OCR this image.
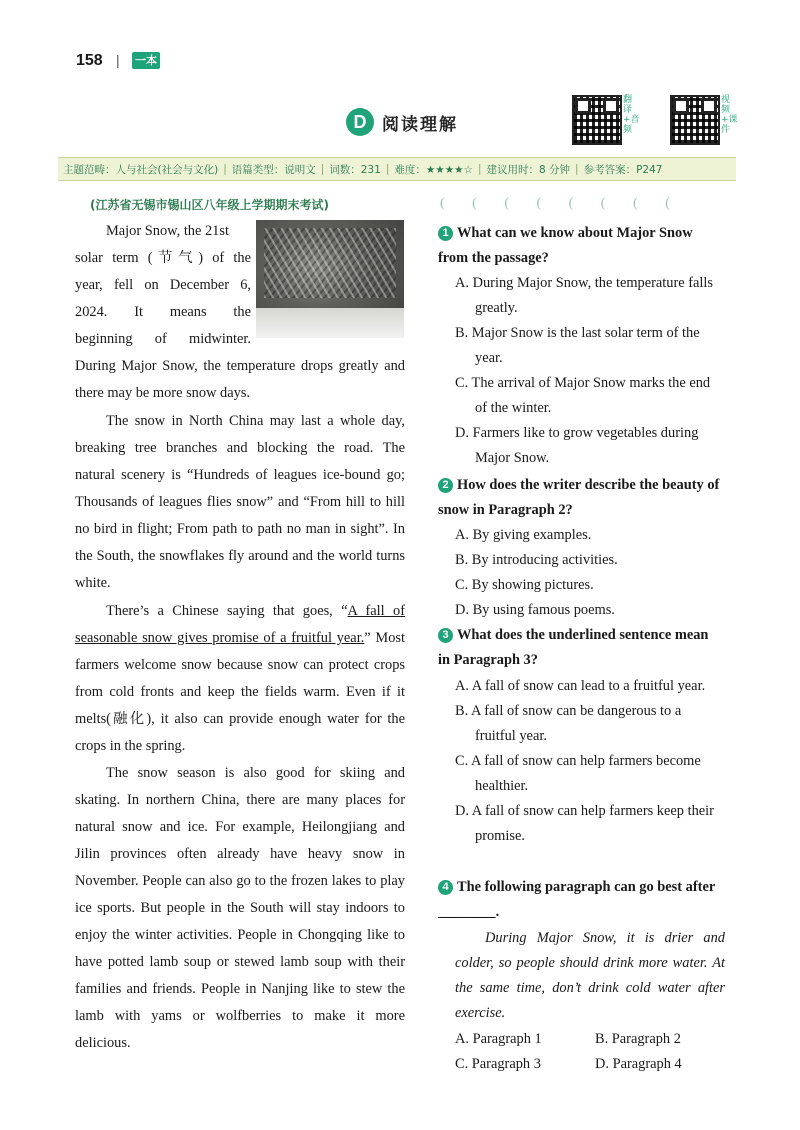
158 | 一本
D 阅读理解
翻译+音频
视频+课件
主题范畴：人与社会(社会与文化) | 语篇类型：说明文 | 词数：231 | 难度：★★★★☆ | 建议用时：8 分钟 | 参考答案：P247
(江苏省无锡市锡山区八年级上学期期末考试)
Major Snow, the 21st
solar term (节气) of the
year, fell on December 6,
2024. It means the
beginning of midwinter.
During Major Snow, the temperature drops greatly and there may be more snow days.
The snow in North China may last a whole day, breaking tree branches and blocking the road. The natural scenery is “Hundreds of leagues ice-bound go; Thousands of leagues flies snow” and “From hill to hill no bird in flight; From path to path no man in sight”. In the South, the snowflakes fly around and the world turns white.
There’s a Chinese saying that goes, “A fall of seasonable snow gives promise of a fruitful year.” Most farmers welcome snow because snow can protect crops from cold fronts and keep the fields warm. Even if it melts(融化), it also can provide enough water for the crops in the spring.
The snow season is also good for skiing and skating. In northern China, there are many places for natural snow and ice. For example, Heilongjiang and Jilin provinces often already have heavy snow in November. People can also go to the frozen lakes to play ice sports. But people in the South will stay indoors to enjoy the winter activities. People in Chongqing like to have potted lamb soup or stewed lamb soup with their families and friends. People in Nanjing like to stew the lamb with yams or wolfberries to make it more delicious.
( ( ( ( ( ( ( (
1 What can we know about Major Snow from the passage?
A. During Major Snow, the temperature falls greatly.
B. Major Snow is the last solar term of the year.
C. The arrival of Major Snow marks the end of the winter.
D. Farmers like to grow vegetables during Major Snow.
2 How does the writer describe the beauty of snow in Paragraph 2?
A. By giving examples.
B. By introducing activities.
C. By showing pictures.
D. By using famous poems.
3 What does the underlined sentence mean in Paragraph 3?
A. A fall of snow can lead to a fruitful year.
B. A fall of snow can be dangerous to a fruitful year.
C. A fall of snow can help farmers become healthier.
D. A fall of snow can help farmers keep their promise.
4 The following paragraph can go best after ________.
During Major Snow, it is drier and colder, so people should drink more water. At the same time, don’t drink cold water after exercise.
A. Paragraph 1	B. Paragraph 2
C. Paragraph 3	D. Paragraph 4
